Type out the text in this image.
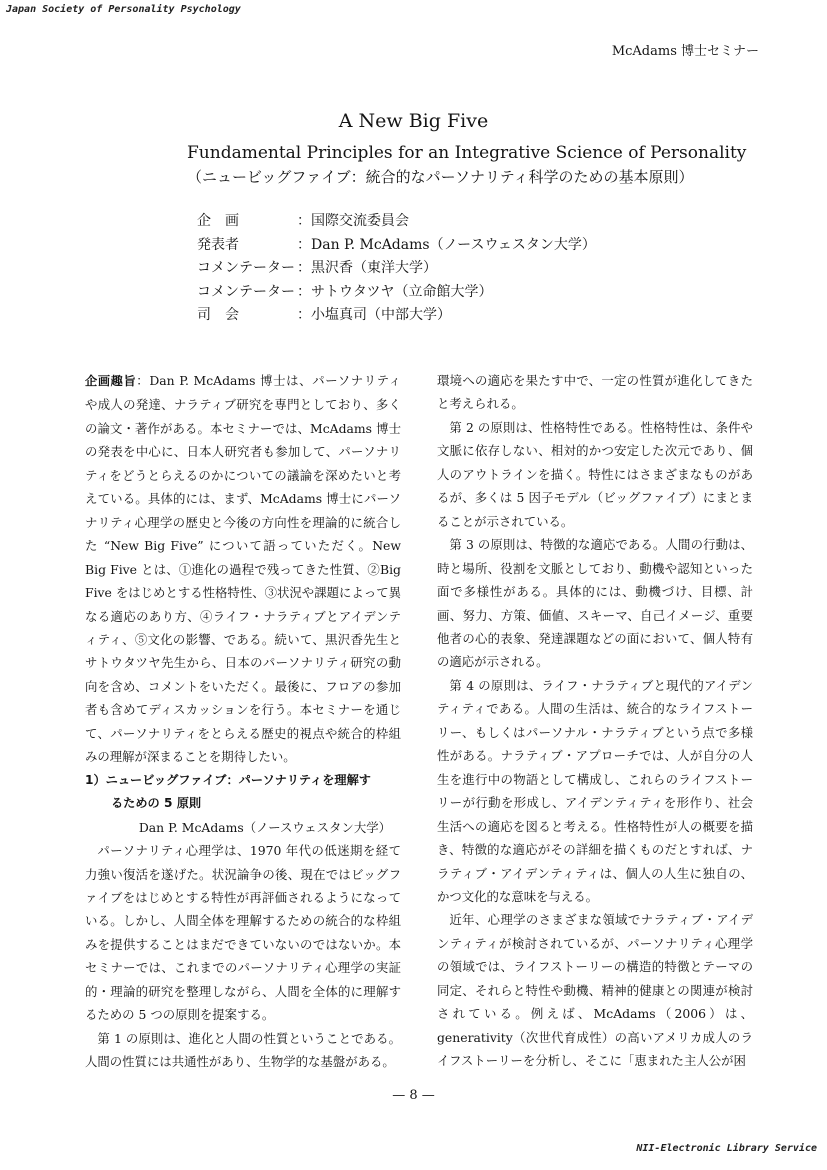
Japan Society of Personality Psychology
McAdams 博士セミナー
A New Big Five
Fundamental Principles for an Integrative Science of Personality
（ニュービッグファイブ：統合的なパーソナリティ科学のための基本原則）
企　画	： 国際交流委員会
発表者	： Dan P. McAdams（ノースウェスタン大学）
コメンテーター ： 黒沢香（東洋大学）
コメンテーター ： サトウタツヤ（立命館大学）
司　会	： 小塩真司（中部大学）

企画趣旨：Dan P. McAdams 博士は、パーソナリティや成人の発達、ナラティブ研究を専門としており、多くの論文・著作がある。本セミナーでは、McAdams 博士の発表を中心に、日本人研究者も参加して、パーソナリティをどうとらえるのかについての議論を深めたいと考えている。具体的には、まず、McAdams 博士にパーソナリティ心理学の歴史と今後の方向性を理論的に統合した “New Big Five” について語っていただく。New Big Five とは、①進化の過程で残ってきた性質、②Big Five をはじめとする性格特性、③状況や課題によって異なる適応のあり方、④ライフ・ナラティブとアイデンティティ、⑤文化の影響、である。続いて、黒沢香先生とサトウタツヤ先生から、日本のパーソナリティ研究の動向を含め、コメントをいただく。最後に、フロアの参加者も含めてディスカッションを行う。本セミナーを通じて、パーソナリティをとらえる歴史的視点や統合的枠組みの理解が深まることを期待したい。

1）ニュービッグファイブ：パーソナリティを理解す
るための 5 原則
Dan P. McAdams（ノースウェスタン大学）

パーソナリティ心理学は、1970 年代の低迷期を経て力強い復活を遂げた。状況論争の後、現在ではビッグファイブをはじめとする特性が再評価されるようになっている。しかし、人間全体を理解するための統合的な枠組みを提供することはまだできていないのではないか。本セミナーでは、これまでのパーソナリティ心理学の実証的・理論的研究を整理しながら、人間を全体的に理解するための 5 つの原則を提案する。

第 1 の原則は、進化と人間の性質ということである。人間の性質には共通性があり、生物学的な基盤がある。

環境への適応を果たす中で、一定の性質が進化してきたと考えられる。

第 2 の原則は、性格特性である。性格特性は、条件や文脈に依存しない、相対的かつ安定した次元であり、個人のアウトラインを描く。特性にはさまざまなものがあるが、多くは 5 因子モデル（ビッグファイブ）にまとまることが示されている。

第 3 の原則は、特徴的な適応である。人間の行動は、時と場所、役割を文脈としており、動機や認知といった面で多様性がある。具体的には、動機づけ、目標、計画、努力、方策、価値、スキーマ、自己イメージ、重要他者の心的表象、発達課題などの面において、個人特有の適応が示される。

第 4 の原則は、ライフ・ナラティブと現代的アイデンティティである。人間の生活は、統合的なライフストーリー、もしくはパーソナル・ナラティブという点で多様性がある。ナラティブ・アプローチでは、人が自分の人生を進行中の物語として構成し、これらのライフストーリーが行動を形成し、アイデンティティを形作り、社会生活への適応を図ると考える。性格特性が人の概要を描き、特徴的な適応がその詳細を描くものだとすれば、ナラティブ・アイデンティティは、個人の人生に独自の、かつ文化的な意味を与える。

近年、心理学のさまざまな領域でナラティブ・アイデンティティが検討されているが、パーソナリティ心理学の領域では、ライフストーリーの構造的特徴とテーマの同定、それらと特性や動機、精神的健康との関連が検討されている。例えば、McAdams（2006）は、generativity（次世代育成性）の高いアメリカ成人のライフストーリーを分析し、そこに「恵まれた主人公が困

— 8 —
NII-Electronic Library Service
